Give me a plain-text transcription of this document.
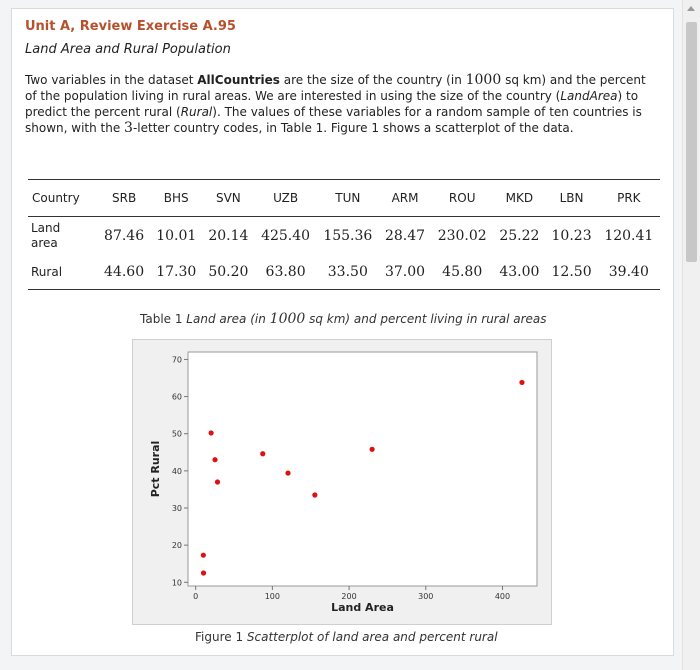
Unit A, Review Exercise A.95

Land Area and Rural Population

Two variables in the dataset AllCountries are the size of the country (in 1000 sq km) and the percent of the population living in rural areas. We are interested in using the size of the country (LandArea) to predict the percent rural (Rural). The values of these variables for a random sample of ten countries is shown, with the 3-letter country codes, in Table 1. Figure 1 shows a scatterplot of the data.

Country	SRB	BHS	SVN	UZB	TUN	ARM	ROU	MKD	LBN	PRK
Land
area	87.46	10.01	20.14	425.40	155.36	28.47	230.02	25.22	10.23	120.41
Rural	44.60	17.30	50.20	63.80	33.50	37.00	45.80	43.00	12.50	39.40

Table 1 Land area (in 1000 sq km) and percent living in rural areas

Figure 1 Scatterplot of land area and percent rural

10
20
30
40
50
60
70
0	100	200	300	400
Land Area
Pct Rural
